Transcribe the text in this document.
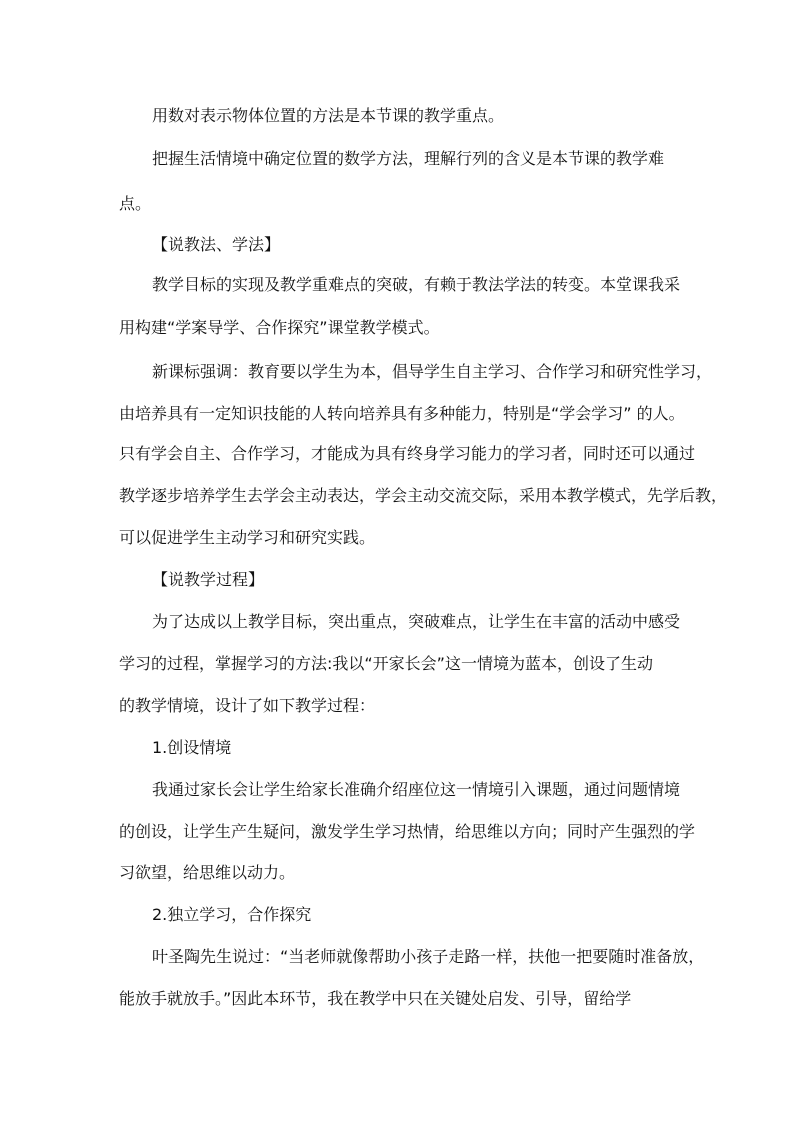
用数对表示物体位置的方法是本节课的教学重点。
把握生活情境中确定位置的数学方法，理解行列的含义是本节课的教学难
点。
【说教法、学法】
教学目标的实现及教学重难点的突破，有赖于教法学法的转变。本堂课我采
用构建“学案导学、合作探究”课堂教学模式。
新课标强调：教育要以学生为本，倡导学生自主学习、合作学习和研究性学习，
由培养具有一定知识技能的人转向培养具有多种能力，特别是“学会学习” 的人。
只有学会自主、合作学习，才能成为具有终身学习能力的学习者，同时还可以通过
教学逐步培养学生去学会主动表达，学会主动交流交际，采用本教学模式，先学后教，
可以促进学生主动学习和研究实践。
【说教学过程】
为了达成以上教学目标，突出重点，突破难点，让学生在丰富的活动中感受
学习的过程，掌握学习的方法:我以“开家长会”这一情境为蓝本，创设了生动
的教学情境，设计了如下教学过程：
1.创设情境
我通过家长会让学生给家长准确介绍座位这一情境引入课题，通过问题情境
的创设，让学生产生疑问，激发学生学习热情，给思维以方向；同时产生强烈的学
习欲望，给思维以动力。
2.独立学习，合作探究
叶圣陶先生说过：“当老师就像帮助小孩子走路一样，扶他一把要随时准备放，
能放手就放手。”因此本环节，我在教学中只在关键处启发、引导，留给学
